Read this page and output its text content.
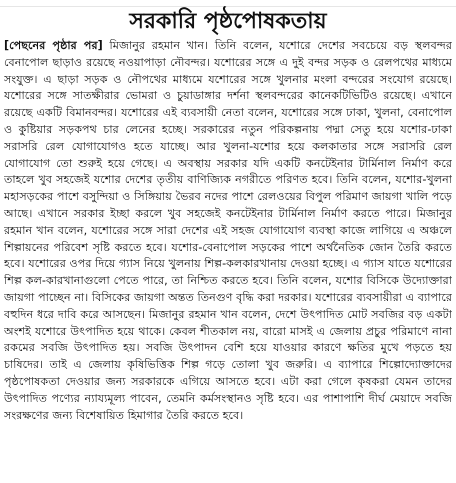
সরকারি পৃষ্ঠপোষকতায়
[পেছনের পৃষ্ঠার পর] মিজানুর রহমান খান। তিনি বলেন, যশোরে দেশের সবচেয়ে বড় স্থলবন্দর বেনাপোল ছাড়াও রয়েছে নওয়াপাড়া নৌবন্দর। যশোরের সঙ্গে এ দুই বন্দর সড়ক ও রেলপথের মাধ্যমে সংযুক্ত। এ ছাড়া সড়ক ও নৌপথের মাধ্যমে যশোরের সঙ্গে খুলনার মংলা বন্দরের সংযোগ রয়েছে। যশোরের সঙ্গে সাতক্ষীরার ভোমরা ও চুয়াডাঙ্গার দর্শনা স্থলবন্দরের কানেকটিভিটিও রয়েছে। এখানে রয়েছে একটি বিমানবন্দর। যশোরের এই ব্যবসায়ী নেতা বলেন, যশোরের সঙ্গে ঢাকা, খুলনা, বেনাপোল ও কুষ্টিয়ার সড়কপথ চার লেনের হচ্ছে। সরকারের নতুন পরিকল্পনায় পদ্মা সেতু হয়ে যশোর-ঢাকা সরাসরি রেল যোগাযোগও হতে যাচ্ছে। আর খুলনা-যশোর হয়ে কলকাতার সঙ্গে সরাসরি রেল যোগাযোগ তো শুরুই হয়ে গেছে। এ অবস্থায় সরকার যদি একটি কনটেইনার টার্মিনাল নির্মাণ করে তাহলে খুব সহজেই যশোর দেশের তৃতীয় বাণিজ্যিক নগরীতে পরিণত হবে। তিনি বলেন, যশোর-খুলনা মহাসড়কের পাশে বসুন্দিয়া ও সিঙ্গিয়ায় ভৈরব নদের পাশে রেলওয়ের বিপুল পরিমাণ জায়গা খালি পড়ে আছে। এখানে সরকার ইচ্ছা করলে খুব সহজেই কনটেইনার টার্মিনাল নির্মাণ করতে পারে। মিজানুর রহমান খান বলেন, যশোরের সঙ্গে সারা দেশের এই সহজ যোগাযোগ ব্যবস্থা কাজে লাগিয়ে এ অঞ্চলে শিল্পায়নের পরিবেশ সৃষ্টি করতে হবে। যশোর-বেনাপোল সড়কের পাশে অর্থনৈতিক জোন তৈরি করতে হবে। যশোরের ওপর দিয়ে গ্যাস নিয়ে খুলনায় শিল্প-কলকারখানায় দেওয়া হচ্ছে। এ গ্যাস যাতে যশোরের শিল্প কল-কারখানাগুলো পেতে পারে, তা নিশ্চিত করতে হবে। তিনি বলেন, যশোর বিসিকে উদ্যোক্তারা জায়গা পাচ্ছেন না। বিসিকের জায়গা অন্তত তিনগুণ বৃদ্ধি করা দরকার। যশোরের ব্যবসায়ীরা এ ব্যাপারে বহুদিন ধরে দাবি করে আসছেন। মিজানুর রহমান খান বলেন, দেশে উৎপাদিত মোট সবজির বড় একটা অংশই যশোরে উৎপাদিত হয়ে থাকে। কেবল শীতকাল নয়, বারো মাসই এ জেলায় প্রচুর পরিমাণে নানা রকমের সবজি উৎপাদিত হয়। সবজি উৎপাদন বেশি হয়ে যাওয়ার কারণে ক্ষতির মুখে পড়তে হয় চাষিদের। তাই এ জেলায় কৃষিভিত্তিক শিল্প গড়ে তোলা খুব জরুরি। এ ব্যাপারে শিল্পোদ্যোক্তাদের পৃষ্ঠপোষকতা দেওয়ার জন্য সরকারকে এগিয়ে আসতে হবে। এটা করা গেলে কৃষকরা যেমন তাদের উৎপাদিত পণ্যের ন্যায্যমূল্য পাবেন, তেমনি কর্মসংস্থানও সৃষ্টি হবে। এর পাশাপাশি দীর্ঘ মেয়াদে সবজি সংরক্ষণের জন্য বিশেষায়িত হিমাগার তৈরি করতে হবে।
